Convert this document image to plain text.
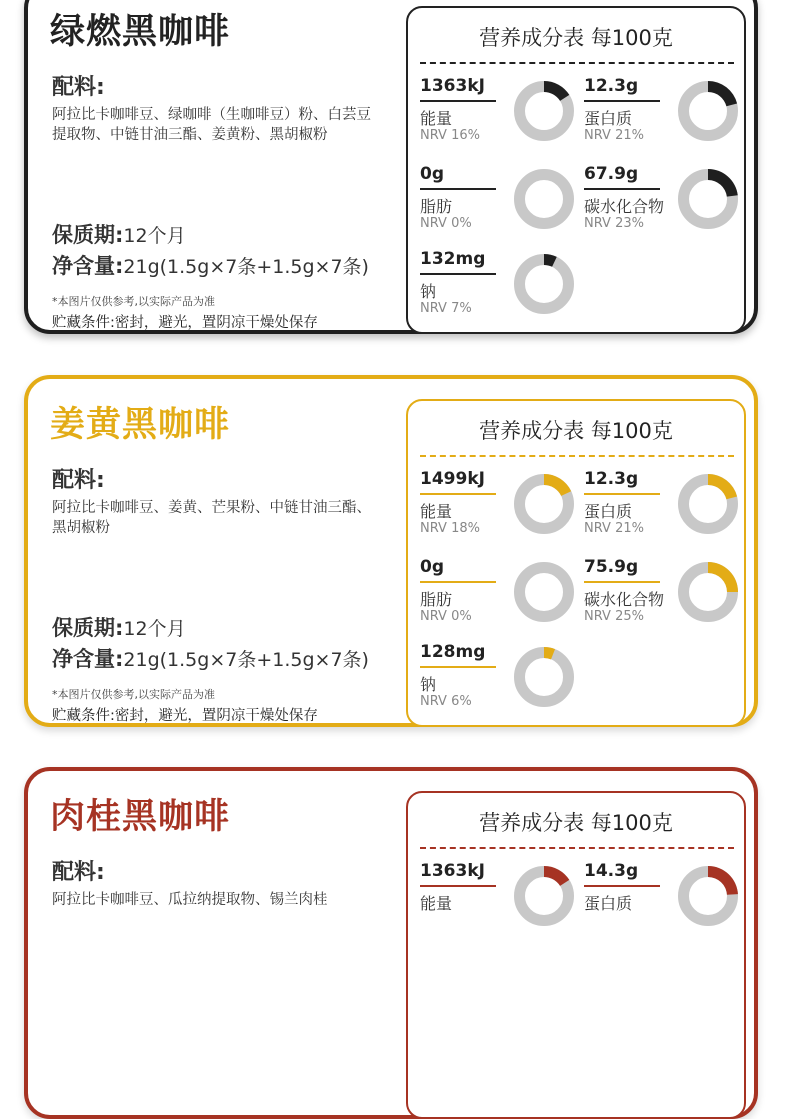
绿燃黑咖啡
配料:
阿拉比卡咖啡豆、绿咖啡（生咖啡豆）粉、白芸豆提取物、中链甘油三酯、姜黄粉、黑胡椒粉
保质期:12个月
净含量:21g(1.5g×7条+1.5g×7条)
*本图片仅供参考,以实际产品为准
贮藏条件:密封，避光，置阴凉干燥处保存
营养成分表 每100克
1363kJ
能量
NRV 16%
12.3g
蛋白质
NRV 21%
0g
脂肪
NRV 0%
67.9g
碳水化合物
NRV 23%
132mg
钠
NRV 7%
姜黄黑咖啡
配料:
阿拉比卡咖啡豆、姜黄、芒果粉、中链甘油三酯、黑胡椒粉
保质期:12个月
净含量:21g(1.5g×7条+1.5g×7条)
*本图片仅供参考,以实际产品为准
贮藏条件:密封，避光，置阴凉干燥处保存
营养成分表 每100克
1499kJ
能量
NRV 18%
12.3g
蛋白质
NRV 21%
0g
脂肪
NRV 0%
75.9g
碳水化合物
NRV 25%
128mg
钠
NRV 6%
肉桂黑咖啡
配料:
阿拉比卡咖啡豆、瓜拉纳提取物、锡兰肉桂
营养成分表 每100克
1363kJ
能量
14.3g
蛋白质
